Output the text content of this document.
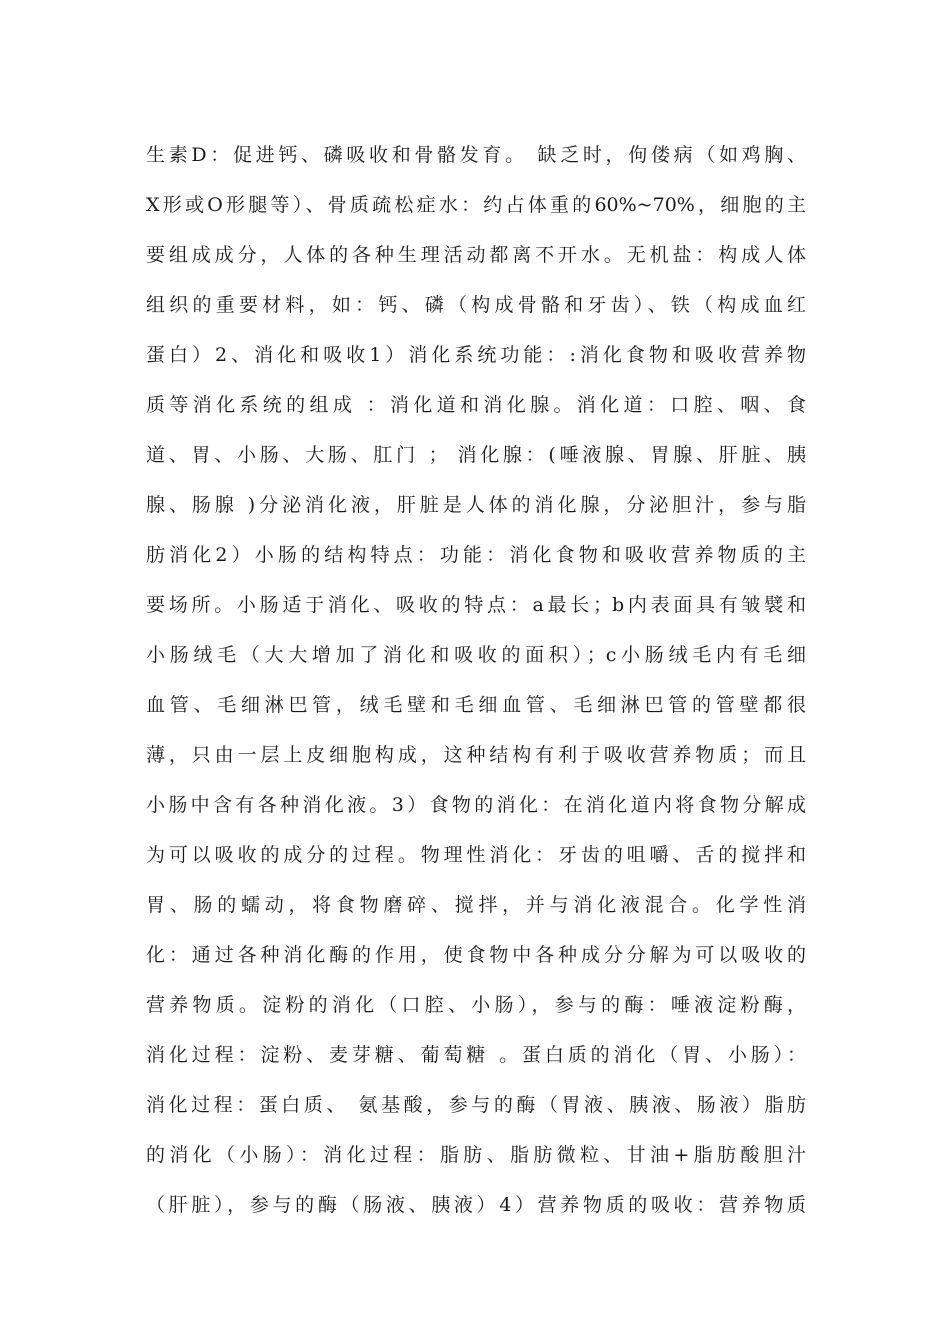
生素D：促进钙、磷吸收和骨骼发育。 缺乏时，佝偻病（如鸡胸、
X形或O形腿等）、骨质疏松症水：约占体重的60%~70%，细胞的主
要组成成分，人体的各种生理活动都离不开水。无机盐：构成人体
组织的重要材料，如：钙、磷（构成骨骼和牙齿）、铁（构成血红
蛋白）2、消化和吸收1）消化系统功能：:消化食物和吸收营养物
质等消化系统的组成 ：消化道和消化腺。消化道：口腔、咽、食
道、胃、小肠、大肠、肛门 ； 消化腺：(唾液腺、胃腺、肝脏、胰
腺、肠腺 )分泌消化液，肝脏是人体的消化腺，分泌胆汁，参与脂
肪消化2）小肠的结构特点：功能：消化食物和吸收营养物质的主
要场所。小肠适于消化、吸收的特点：a最长；b内表面具有皱襞和
小肠绒毛（大大增加了消化和吸收的面积）；c小肠绒毛内有毛细
血管、毛细淋巴管，绒毛壁和毛细血管、毛细淋巴管的管壁都很
薄，只由一层上皮细胞构成，这种结构有利于吸收营养物质；而且
小肠中含有各种消化液。3）食物的消化：在消化道内将食物分解成
为可以吸收的成分的过程。物理性消化：牙齿的咀嚼、舌的搅拌和
胃、肠的蠕动，将食物磨碎、搅拌，并与消化液混合。化学性消
化：通过各种消化酶的作用，使食物中各种成分分解为可以吸收的
营养物质。淀粉的消化（口腔、小肠），参与的酶：唾液淀粉酶，
消化过程：淀粉、麦芽糖、葡萄糖 。蛋白质的消化（胃、小肠）：
消化过程：蛋白质、 氨基酸，参与的酶（胃液、胰液、肠液）脂肪
的消化（小肠）：消化过程：脂肪、脂肪微粒、甘油+脂肪酸胆汁
（肝脏），参与的酶（肠液、胰液）4）营养物质的吸收：营养物质
